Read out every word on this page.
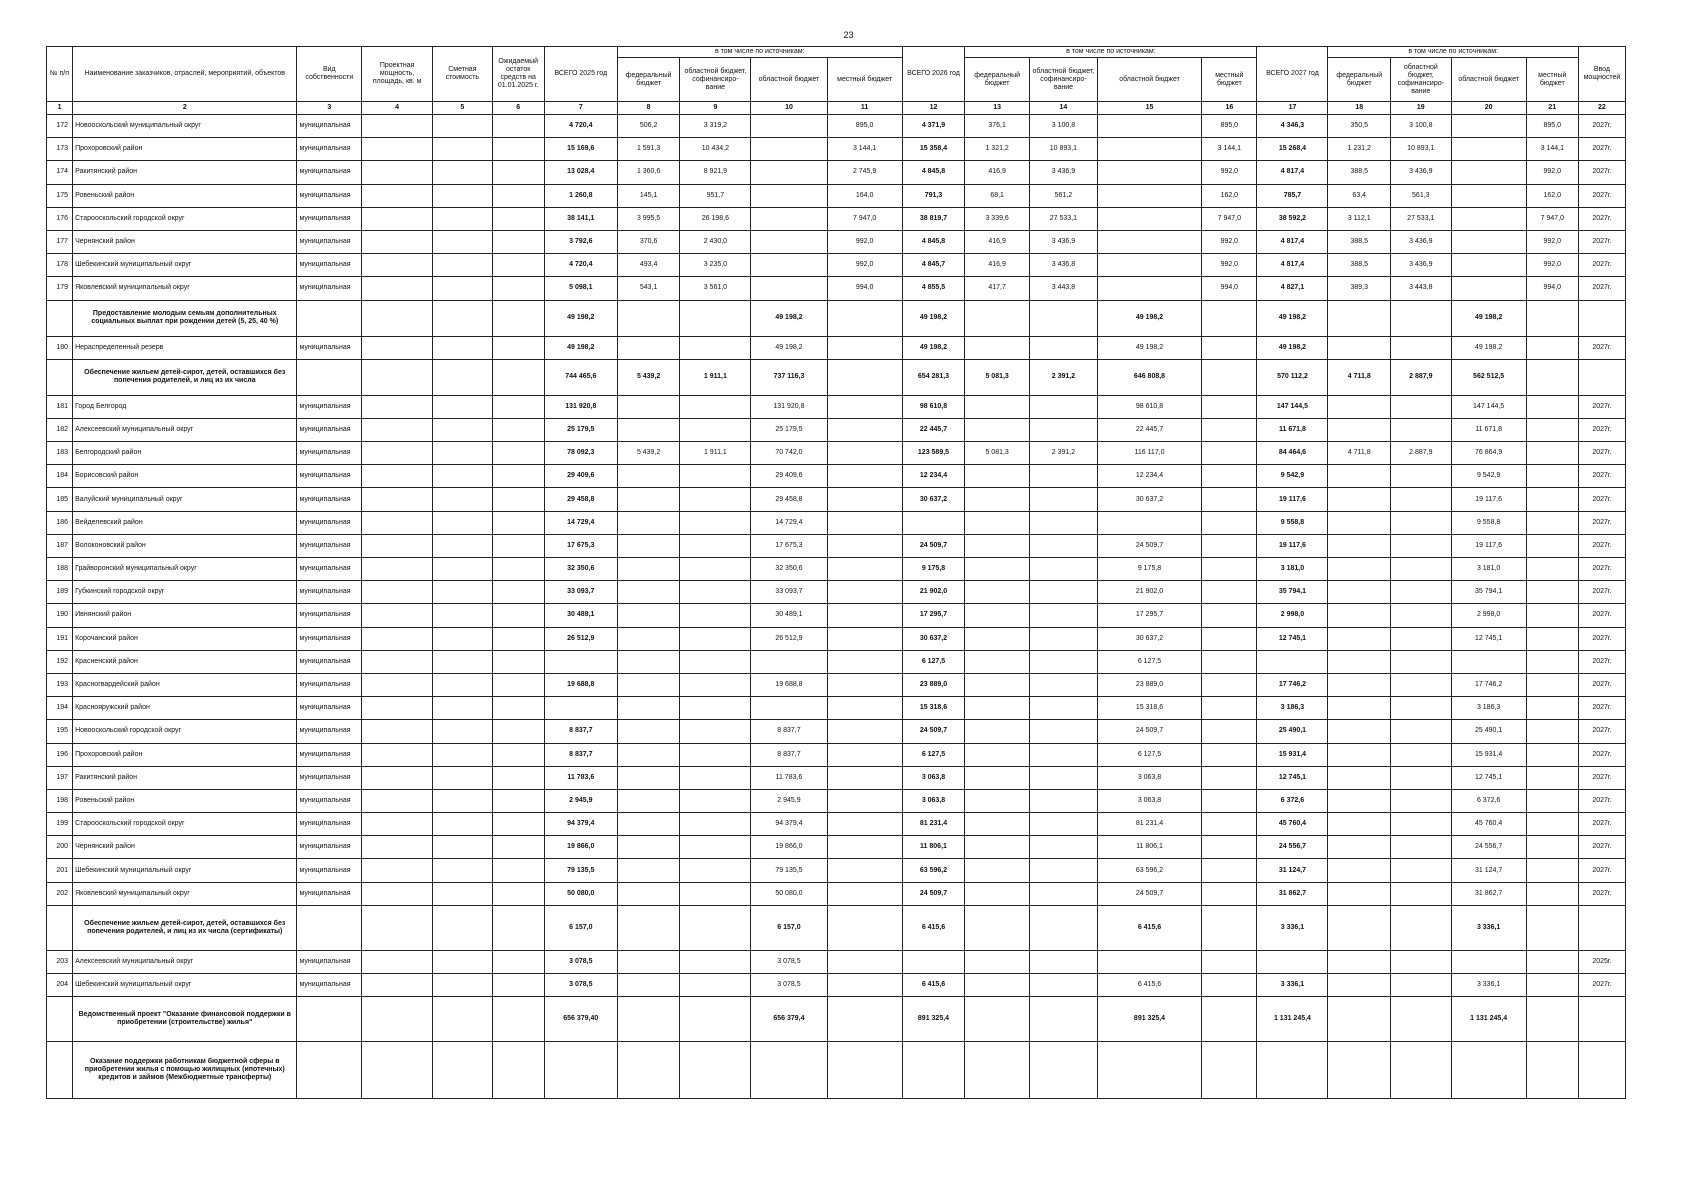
23
№ п/п	Наименование заказчиков, отраслей, мероприятий, объектов	Вид собственности	Проектная мощность, площадь, кв. м	Сметная стоимость	Ожидаемый остаток средств на 01.01.2025 г.	ВСЕГО 2025 год	в том числе по источникам:				ВСЕГО 2026 год	в том числе по источникам:				ВСЕГО 2027 год	в том числе по источникам:				Ввод мощностей
							федеральный бюджет	областной бюджет, софинансиро- вание	областной бюджет	местный бюджет		федеральный бюджет	областной бюджет, софинансиро- вание	областной бюджет	местный бюджет		федеральный бюджет	областной бюджет, софинансиро- вание	областной бюджет	местный бюджет	
1	2	3	4	5	6	7	8	9	10	11	12	13	14	15	16	17	18	19	20	21	22
172	Новооскольский муниципальный округ	муниципальная				4 720,4	506,2	3 319,2		895,0	4 371,9	376,1	3 100,8		895,0	4 346,3	350,5	3 100,8		895,0	2027г.
173	Прохоровский район	муниципальная				15 169,6	1 591,3	10 434,2		3 144,1	15 358,4	1 321,2	10 893,1		3 144,1	15 268,4	1 231,2	10 893,1		3 144,1	2027г.
174	Ракитянский район	муниципальная				13 028,4	1 360,6	8 921,9		2 745,9	4 845,8	416,9	3 436,9		992,0	4 817,4	388,5	3 436,9		992,0	2027г.
175	Ровеньский район	муниципальная				1 260,8	145,1	951,7		164,0	791,3	68,1	561,2		162,0	785,7	63,4	561,3		162,0	2027г.
176	Старооскольский городской округ	муниципальная				38 141,1	3 995,5	26 198,6		7 947,0	38 819,7	3 339,6	27 533,1		7 947,0	38 592,2	3 112,1	27 533,1		7 947,0	2027г.
177	Чернянский район	муниципальная				3 792,6	370,6	2 430,0		992,0	4 845,8	416,9	3 436,9		992,0	4 817,4	388,5	3 436,9		992,0	2027г.
178	Шебекинский муниципальный округ	муниципальная				4 720,4	493,4	3 235,0		992,0	4 845,7	416,9	3 436,8		992,0	4 817,4	388,5	3 436,9		992,0	2027г.
179	Яковлевский муниципальный округ	муниципальная				5 098,1	543,1	3 561,0		994,0	4 855,5	417,7	3 443,8		994,0	4 827,1	389,3	3 443,8		994,0	2027г.
	Предоставление молодым семьям дополнительных социальных выплат при рождении детей (5, 25, 40 %)					49 198,2			49 198,2		49 198,2			49 198,2		49 198,2			49 198,2		
180	Нераспределенный резерв	муниципальная				49 198,2			49 198,2		49 198,2			49 198,2		49 198,2			49 198,2		2027г.
	Обеспечение жильем детей-сирот, детей, оставшихся без попечения родителей, и лиц из их числа					744 465,6	5 439,2	1 911,1	737 116,3		654 281,3	5 081,3	2 391,2	646 808,8		570 112,2	4 711,8	2 887,9	562 512,5		
181	Город Белгород	муниципальная				131 920,8			131 920,8		98 610,8			98 610,8		147 144,5			147 144,5		2027г.
182	Алексеевский муниципальный округ	муниципальная				25 179,5			25 179,5		22 445,7			22 445,7		11 671,8			11 671,8		2027г.
183	Белгородский район	муниципальная				78 092,3	5 439,2	1 911,1	70 742,0		123 589,5	5 081,3	2 391,2	116 117,0		84 464,6	4 711,8	2 887,9	76 864,9		2027г.
184	Борисовский район	муниципальная				29 409,6			29 409,6		12 234,4			12 234,4		9 542,9			9 542,9		2027г.
185	Валуйский муниципальный округ	муниципальная				29 458,8			29 458,8		30 637,2			30 637,2		19 117,6			19 117,6		2027г.
186	Вейделевский район	муниципальная				14 729,4			14 729,4							9 558,8			9 558,8		2027г.
187	Волоконовский район	муниципальная				17 675,3			17 675,3		24 509,7			24 509,7		19 117,6			19 117,6		2027г.
188	Грайворонский муниципальный округ	муниципальная				32 350,6			32 350,6		9 175,8			9 175,8		3 181,0			3 181,0		2027г.
189	Губкинский городской округ	муниципальная				33 093,7			33 093,7		21 902,0			21 902,0		35 794,1			35 794,1		2027г.
190	Ивнянский район	муниципальная				30 489,1			30 489,1		17 295,7			17 295,7		2 998,0			2 998,0		2027г.
191	Корочанский район	муниципальная				26 512,9			26 512,9		30 637,2			30 637,2		12 745,1			12 745,1		2027г.
192	Красненский район	муниципальная									6 127,5			6 127,5							2027г.
193	Красногвардейский район	муниципальная				19 688,8			19 688,8		23 889,0			23 889,0		17 746,2			17 746,2		2027г.
194	Краснояружский район	муниципальная									15 318,6			15 318,6		3 186,3			3 186,3		2027г.
195	Новооскольский городской округ	муниципальная				8 837,7			8 837,7		24 509,7			24 509,7		25 490,1			25 490,1		2027г.
196	Прохоровский район	муниципальная				8 837,7			8 837,7		6 127,5			6 127,5		15 931,4			15 931,4		2027г.
197	Ракитянский район	муниципальная				11 783,6			11 783,6		3 063,8			3 063,8		12 745,1			12 745,1		2027г.
198	Ровеньский район	муниципальная				2 945,9			2 945,9		3 063,8			3 063,8		6 372,6			6 372,6		2027г.
199	Старооскольский городской округ	муниципальная				94 379,4			94 379,4		81 231,4			81 231,4		45 760,4			45 760,4		2027г.
200	Чернянский район	муниципальная				19 866,0			19 866,0		11 806,1			11 806,1		24 556,7			24 556,7		2027г.
201	Шебекинский муниципальный округ	муниципальная				79 135,5			79 135,5		63 596,2			63 596,2		31 124,7			31 124,7		2027г.
202	Яковлевский муниципальный округ	муниципальная				50 080,0			50 080,0		24 509,7			24 509,7		31 862,7			31 862,7		2027г.
	Обеспечение жильем детей-сирот, детей, оставшихся без попечения родителей, и лиц из их числа (сертификаты)					6 157,0			6 157,0		6 415,6			6 415,6		3 336,1			3 336,1		
203	Алексеевский муниципальный округ	муниципальная				3 078,5			3 078,5												2025г.
204	Шебекинский муниципальный округ	муниципальная				3 078,5			3 078,5		6 415,6			6 415,6		3 336,1			3 336,1		2027г.
	Ведомственный проект "Оказание финансовой поддержки в приобретении (строительстве) жилья"					656 379,40			656 379,4		891 325,4			891 325,4		1 131 245,4			1 131 245,4		
	Оказание поддержки работникам бюджетной сферы в приобретении жилья с помощью жилищных (ипотечных) кредитов и займов (Межбюджетные трансферты)																				
